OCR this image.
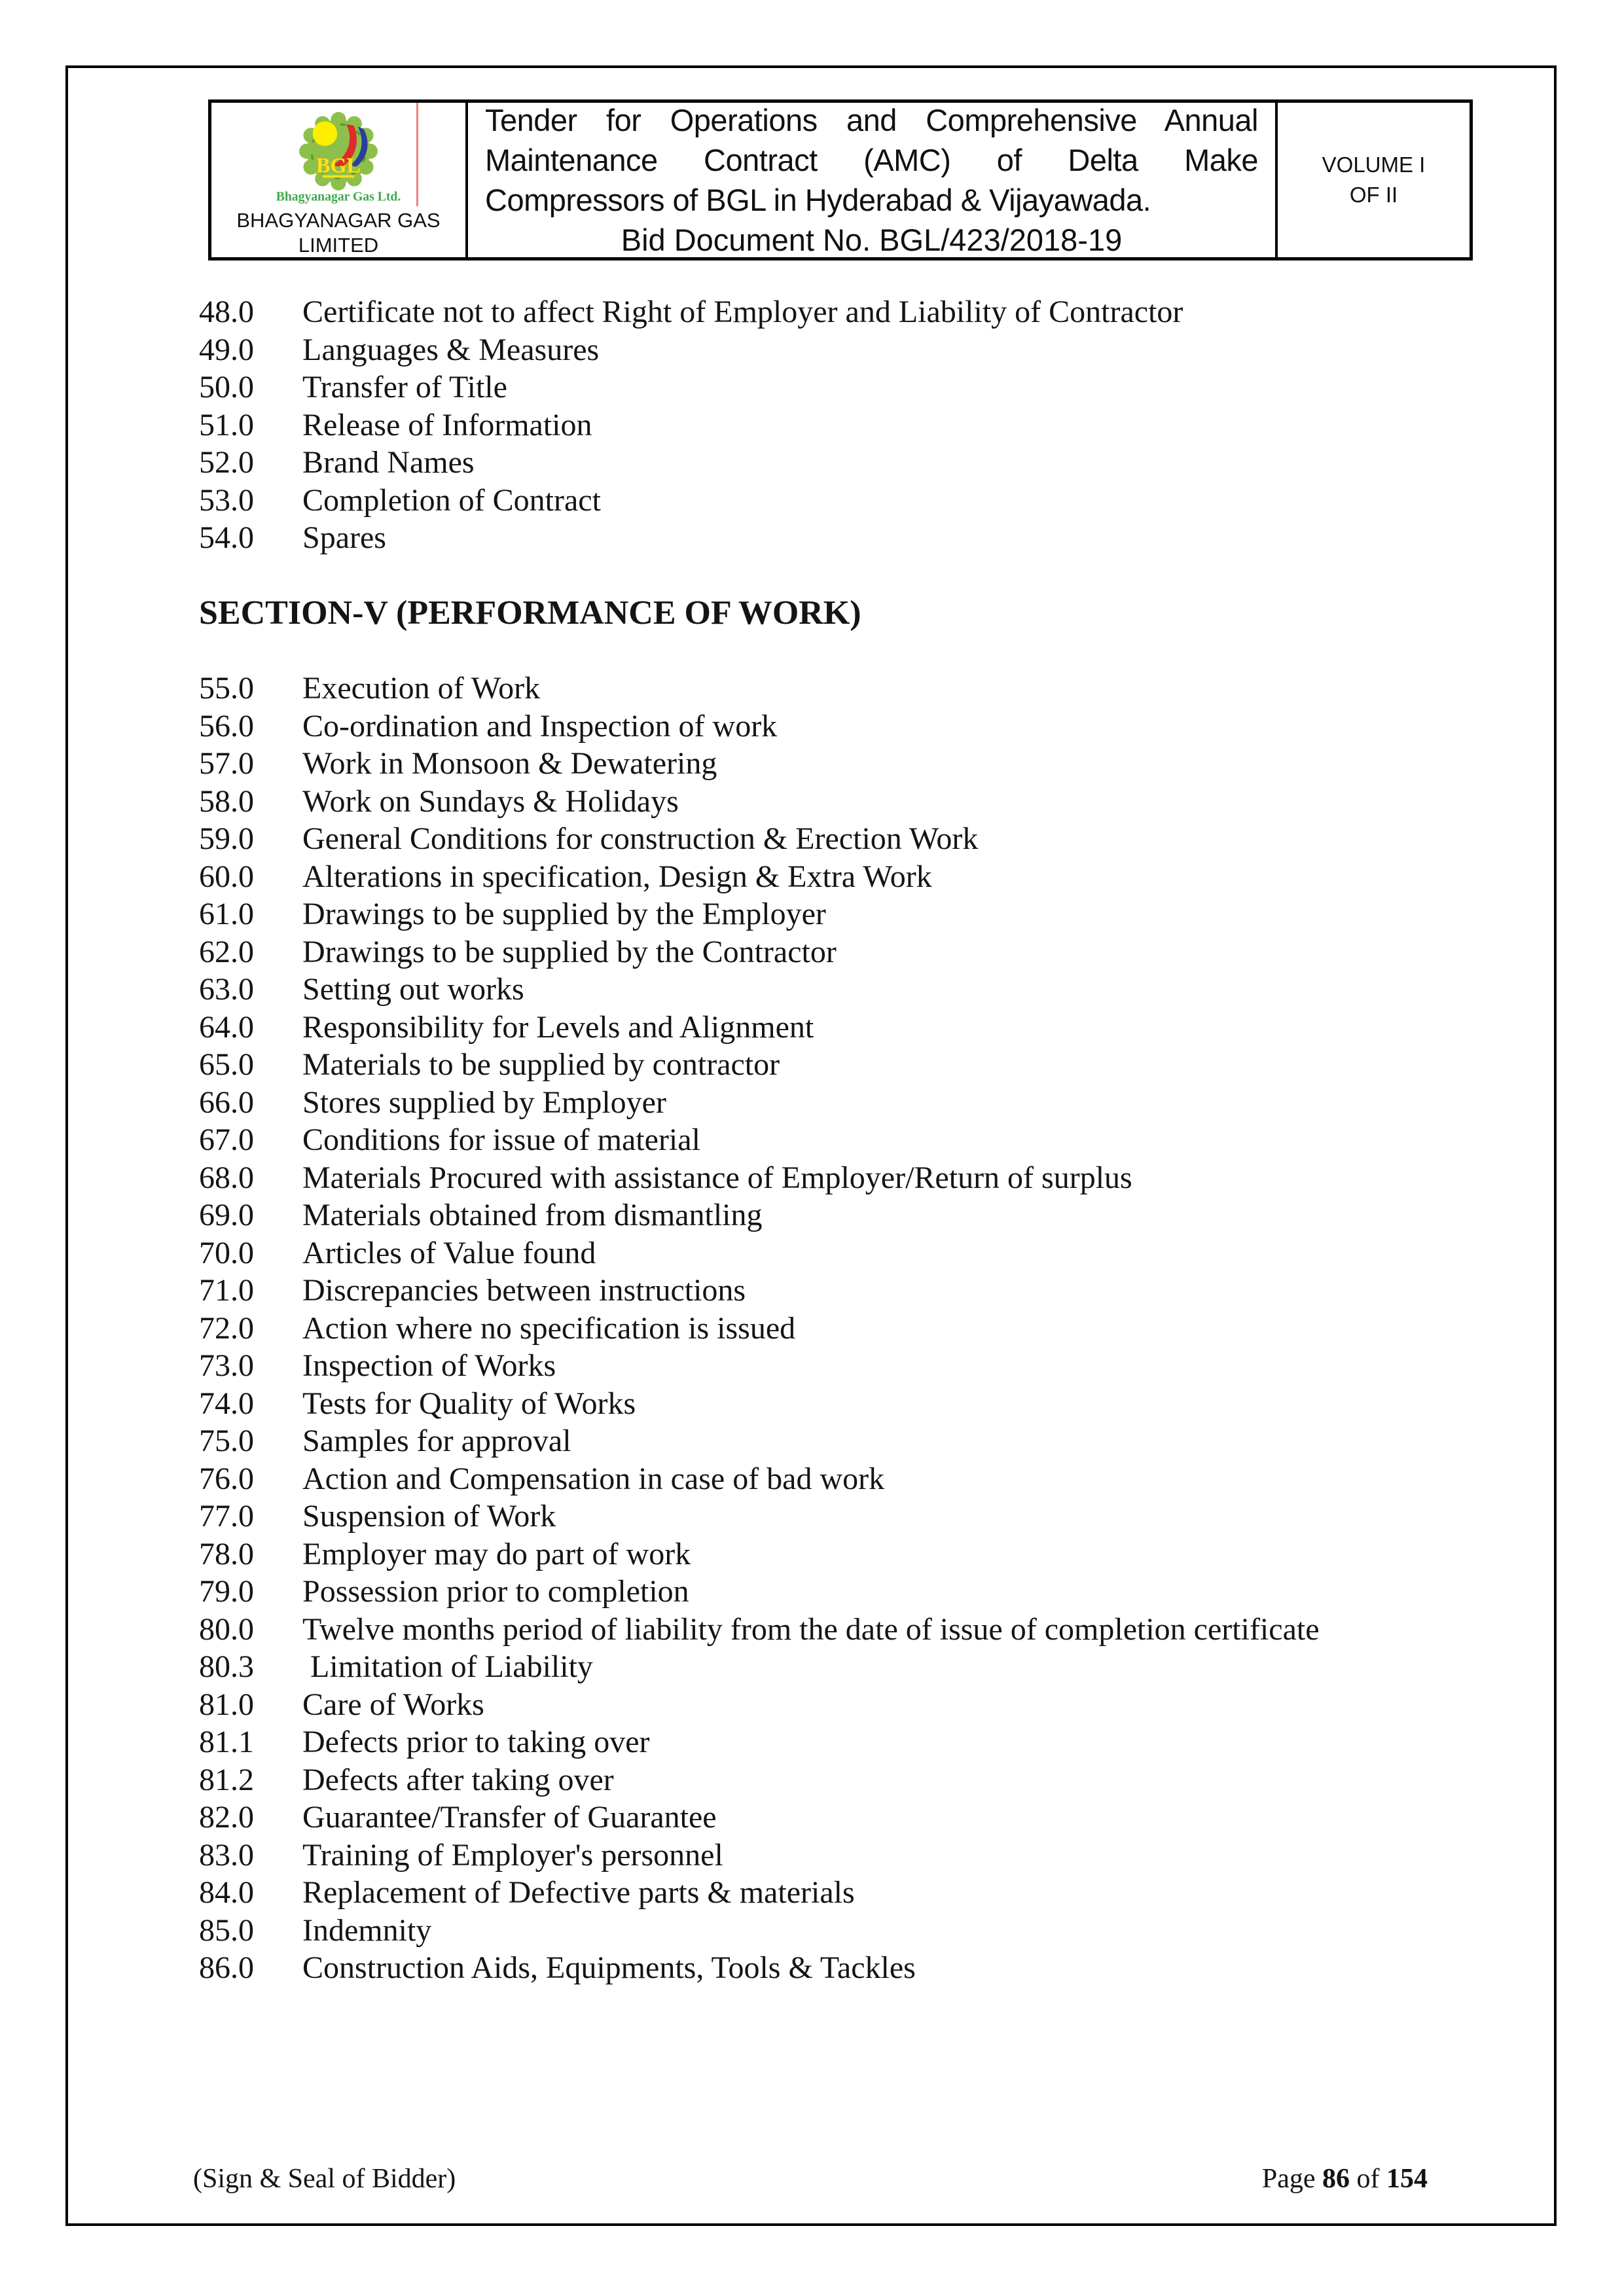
BGL
Bhagyanagar Gas Ltd.
BHAGYANAGAR GAS
LIMITED
Tender for Operations and Comprehensive Annual
Maintenance Contract (AMC) of Delta Make
Compressors of BGL in Hyderabad & Vijayawada.
Bid Document No. BGL/423/2018-19
VOLUME I
OF II
48.0	Certificate not to affect Right of Employer and Liability of Contractor
49.0	Languages & Measures
50.0	Transfer of Title
51.0	Release of Information
52.0	Brand Names
53.0	Completion of Contract
54.0	Spares
SECTION-V (PERFORMANCE OF WORK)
55.0	Execution of Work
56.0	Co-ordination and Inspection of work
57.0	Work in Monsoon & Dewatering
58.0	Work on Sundays & Holidays
59.0	General Conditions for construction & Erection Work
60.0	Alterations in specification, Design & Extra Work
61.0	Drawings to be supplied by the Employer
62.0	Drawings to be supplied by the Contractor
63.0	Setting out works
64.0	Responsibility for Levels and Alignment
65.0	Materials to be supplied by contractor
66.0	Stores supplied by Employer
67.0	Conditions for issue of material
68.0	Materials Procured with assistance of Employer/Return of surplus
69.0	Materials obtained from dismantling
70.0	Articles of Value found
71.0	Discrepancies between instructions
72.0	Action where no specification is issued
73.0	Inspection of Works
74.0	Tests for Quality of Works
75.0	Samples for approval
76.0	Action and Compensation in case of bad work
77.0	Suspension of Work
78.0	Employer may do part of work
79.0	Possession prior to completion
80.0	Twelve months period of liability from the date of issue of completion certificate
80.3	Limitation of Liability
81.0	Care of Works
81.1	Defects prior to taking over
81.2	Defects after taking over
82.0	Guarantee/Transfer of Guarantee
83.0	Training of Employer's personnel
84.0	Replacement of Defective parts & materials
85.0	Indemnity
86.0	Construction Aids, Equipments, Tools & Tackles
(Sign & Seal of Bidder)	Page 86 of 154
